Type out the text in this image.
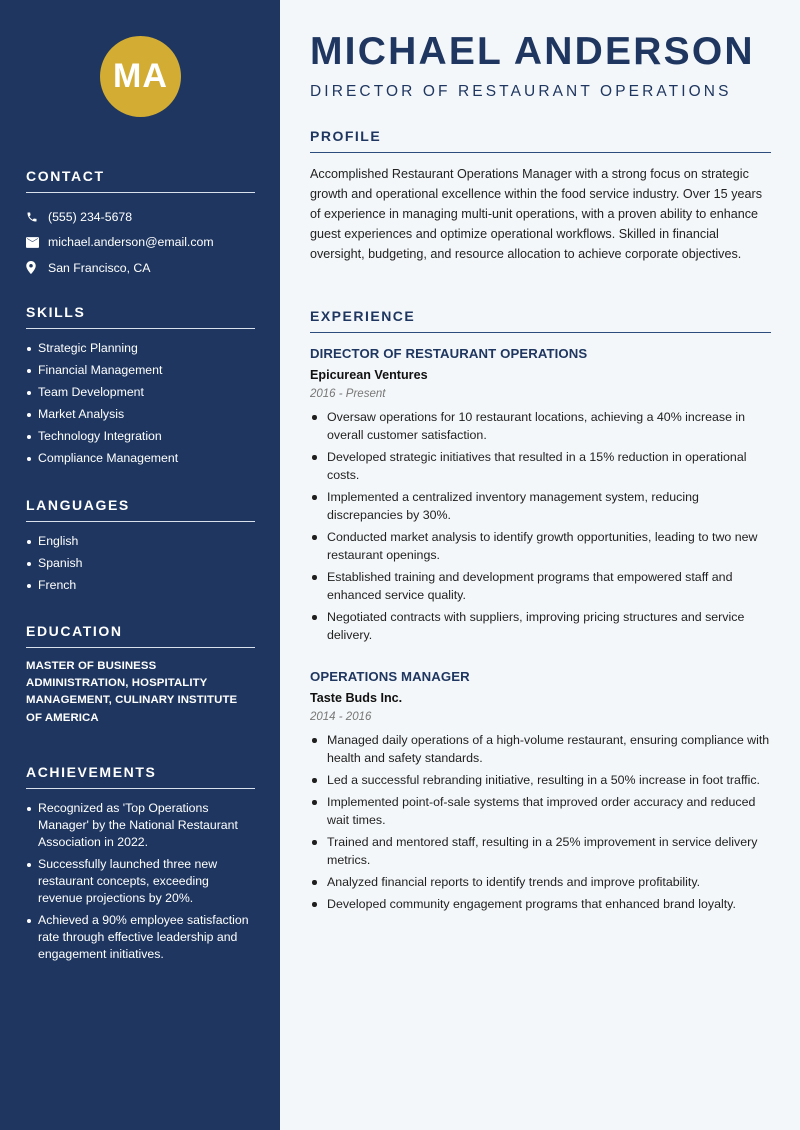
MA
CONTACT
(555) 234-5678
michael.anderson@email.com
San Francisco, CA
SKILLS
Strategic Planning
Financial Management
Team Development
Market Analysis
Technology Integration
Compliance Management
LANGUAGES
English
Spanish
French
EDUCATION
MASTER OF BUSINESS ADMINISTRATION, HOSPITALITY MANAGEMENT, CULINARY INSTITUTE OF AMERICA
ACHIEVEMENTS
Recognized as 'Top Operations Manager' by the National Restaurant Association in 2022.
Successfully launched three new restaurant concepts, exceeding revenue projections by 20%.
Achieved a 90% employee satisfaction rate through effective leadership and engagement initiatives.
MICHAEL ANDERSON
DIRECTOR OF RESTAURANT OPERATIONS
PROFILE
Accomplished Restaurant Operations Manager with a strong focus on strategic growth and operational excellence within the food service industry. Over 15 years of experience in managing multi-unit operations, with a proven ability to enhance guest experiences and optimize operational workflows. Skilled in financial oversight, budgeting, and resource allocation to achieve corporate objectives.
EXPERIENCE
DIRECTOR OF RESTAURANT OPERATIONS
Epicurean Ventures
2016 - Present
Oversaw operations for 10 restaurant locations, achieving a 40% increase in overall customer satisfaction.
Developed strategic initiatives that resulted in a 15% reduction in operational costs.
Implemented a centralized inventory management system, reducing discrepancies by 30%.
Conducted market analysis to identify growth opportunities, leading to two new restaurant openings.
Established training and development programs that empowered staff and enhanced service quality.
Negotiated contracts with suppliers, improving pricing structures and service delivery.
OPERATIONS MANAGER
Taste Buds Inc.
2014 - 2016
Managed daily operations of a high-volume restaurant, ensuring compliance with health and safety standards.
Led a successful rebranding initiative, resulting in a 50% increase in foot traffic.
Implemented point-of-sale systems that improved order accuracy and reduced wait times.
Trained and mentored staff, resulting in a 25% improvement in service delivery metrics.
Analyzed financial reports to identify trends and improve profitability.
Developed community engagement programs that enhanced brand loyalty.
